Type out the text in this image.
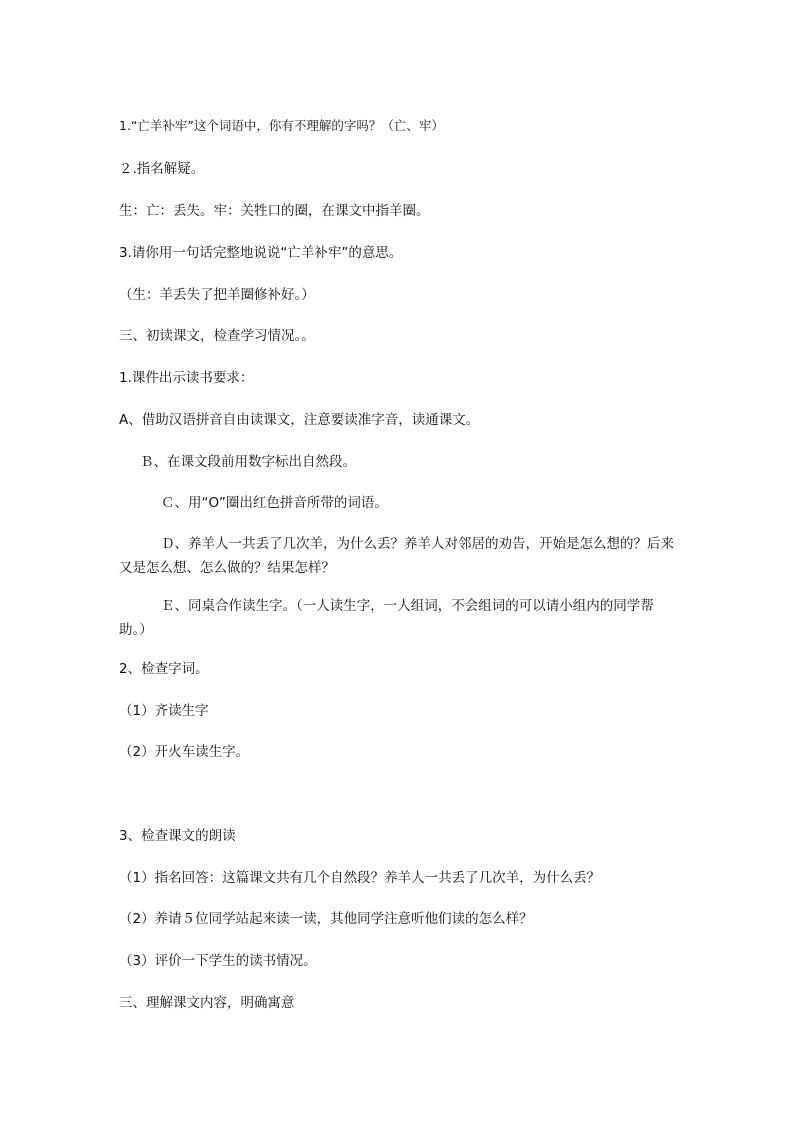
1.“亡羊补牢”这个词语中，你有不理解的字吗？（亡、牢）
２.指名解疑。
生：亡：丢失。牢：关牲口的圈，在课文中指羊圈。
3.请你用一句话完整地说说“亡羊补牢”的意思。
（生：羊丢失了把羊圈修补好。）
三、初读课文，检查学习情况。。
1.课件出示读书要求：
A、借助汉语拼音自由读课文，注意要读准字音，读通课文。
Ｂ、在课文段前用数字标出自然段。
Ｃ、用“O”圈出红色拼音所带的词语。
Ｄ、养羊人一共丢了几次羊，为什么丢？养羊人对邻居的劝告，开始是怎么想的？后来又是怎么想、怎么做的？结果怎样？
Ｅ、同桌合作读生字。（一人读生字，一人组词，不会组词的可以请小组内的同学帮助。）
2、检查字词。
（1）齐读生字
（2）开火车读生字。
3、检查课文的朗读
（1）指名回答：这篇课文共有几个自然段？养羊人一共丢了几次羊，为什么丢？
（2）养请５位同学站起来读一读，其他同学注意听他们读的怎么样？
（3）评价一下学生的读书情况。
三、理解课文内容，明确寓意
